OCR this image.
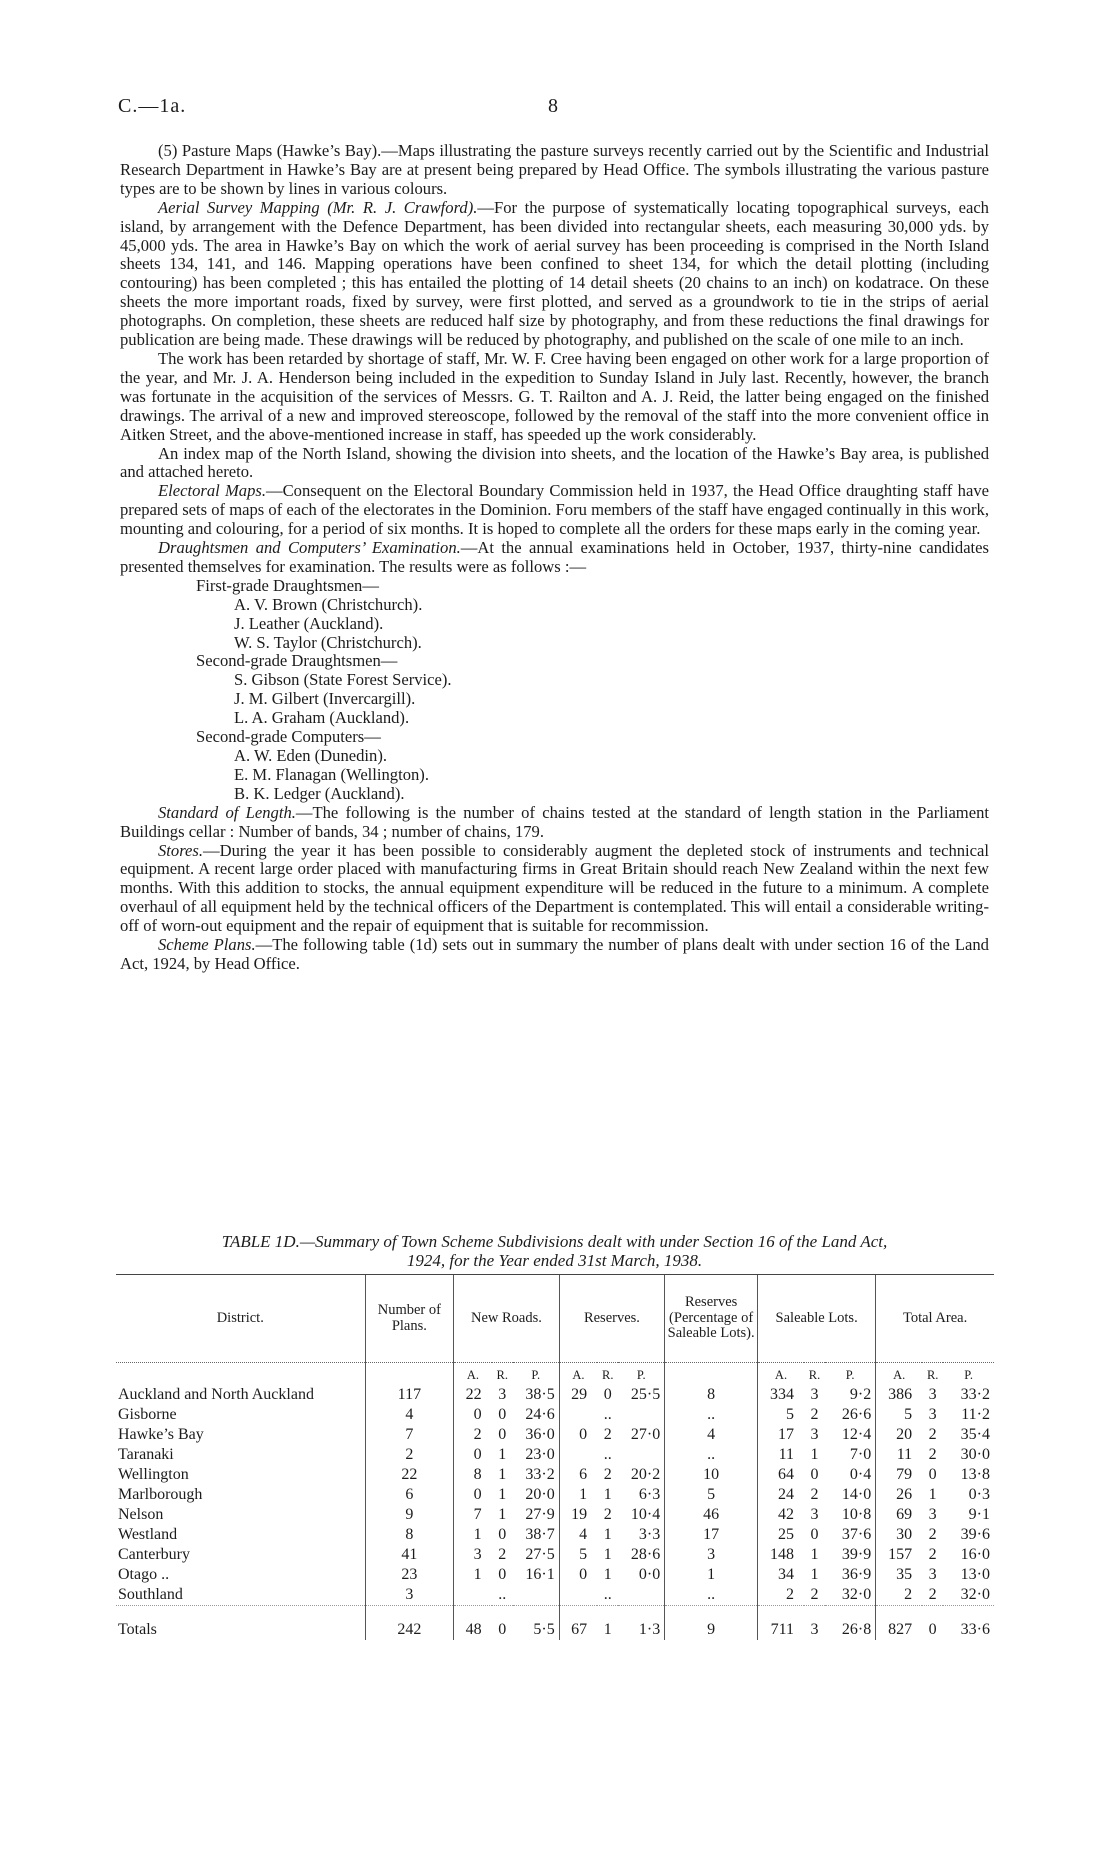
C.—1a.	8

(5) Pasture Maps (Hawke’s Bay).—Maps illustrating the pasture surveys recently carried out by the Scientific and Industrial Research Department in Hawke’s Bay are at present being prepared by Head Office. The symbols illustrating the various pasture types are to be shown by lines in various colours.

Aerial Survey Mapping (Mr. R. J. Crawford).—For the purpose of systematically locating topographical surveys, each island, by arrangement with the Defence Department, has been divided into rectangular sheets, each measuring 30,000 yds. by 45,000 yds. The area in Hawke’s Bay on which the work of aerial survey has been proceeding is comprised in the North Island sheets 134, 141, and 146. Mapping operations have been confined to sheet 134, for which the detail plotting (including contouring) has been completed ; this has entailed the plotting of 14 detail sheets (20 chains to an inch) on kodatrace. On these sheets the more important roads, fixed by survey, were first plotted, and served as a groundwork to tie in the strips of aerial photographs. On completion, these sheets are reduced half size by photography, and from these reductions the final drawings for publication are being made. These drawings will be reduced by photography, and published on the scale of one mile to an inch.

The work has been retarded by shortage of staff, Mr. W. F. Cree having been engaged on other work for a large proportion of the year, and Mr. J. A. Henderson being included in the expedition to Sunday Island in July last. Recently, however, the branch was fortunate in the acquisition of the services of Messrs. G. T. Railton and A. J. Reid, the latter being engaged on the finished drawings. The arrival of a new and improved stereoscope, followed by the removal of the staff into the more convenient office in Aitken Street, and the above-mentioned increase in staff, has speeded up the work considerably.

An index map of the North Island, showing the division into sheets, and the location of the Hawke’s Bay area, is published and attached hereto.

Electoral Maps.—Consequent on the Electoral Boundary Commission held in 1937, the Head Office draughting staff have prepared sets of maps of each of the electorates in the Dominion. Foru members of the staff have engaged continually in this work, mounting and colouring, for a period of six months. It is hoped to complete all the orders for these maps early in the coming year.

Draughtsmen and Computers’ Examination.—At the annual examinations held in October, 1937, thirty-nine candidates presented themselves for examination. The results were as follows :—

First-grade Draughtsmen—
A. V. Brown (Christchurch).
J. Leather (Auckland).
W. S. Taylor (Christchurch).
Second-grade Draughtsmen—
S. Gibson (State Forest Service).
J. M. Gilbert (Invercargill).
L. A. Graham (Auckland).
Second-grade Computers—
A. W. Eden (Dunedin).
E. M. Flanagan (Wellington).
B. K. Ledger (Auckland).

Standard of Length.—The following is the number of chains tested at the standard of length station in the Parliament Buildings cellar : Number of bands, 34 ; number of chains, 179.

Stores.—During the year it has been possible to considerably augment the depleted stock of instruments and technical equipment. A recent large order placed with manufacturing firms in Great Britain should reach New Zealand within the next few months. With this addition to stocks, the annual equipment expenditure will be reduced in the future to a minimum. A complete overhaul of all equipment held by the technical officers of the Department is contemplated. This will entail a considerable writing-off of worn-out equipment and the repair of equipment that is suitable for recommission.

Scheme Plans.—The following table (1d) sets out in summary the number of plans dealt with under section 16 of the Land Act, 1924, by Head Office.

TABLE 1D.—Summary of Town Scheme Subdivisions dealt with under Section 16 of the Land Act,
1924, for the Year ended 31st March, 1938.
District.	Number of Plans.	New Roads.			Reserves.			Reserves (Percentage of Saleable Lots).	Saleable Lots.			Total Area.		
		A.	R.	P.	A.	R.	P.		A.	R.	P.	A.	R.	P.
Auckland and North Auckland	117	22	3	38·5	29	0	25·5	8	334	3	9·2	386	3	33·2
Gisborne	4	0	0	24·6		..		..	5	2	26·6	5	3	11·2
Hawke’s Bay	7	2	0	36·0	0	2	27·0	4	17	3	12·4	20	2	35·4
Taranaki	2	0	1	23·0		..		..	11	1	7·0	11	2	30·0
Wellington	22	8	1	33·2	6	2	20·2	10	64	0	0·4	79	0	13·8
Marlborough	6	0	1	20·0	1	1	6·3	5	24	2	14·0	26	1	0·3
Nelson	9	7	1	27·9	19	2	10·4	46	42	3	10·8	69	3	9·1
Westland	8	1	0	38·7	4	1	3·3	17	25	0	37·6	30	2	39·6
Canterbury	41	3	2	27·5	5	1	28·6	3	148	1	39·9	157	2	16·0
Otago ..	23	1	0	16·1	0	1	0·0	1	34	1	36·9	35	3	13·0
Southland	3		..			..		..	2	2	32·0	2	2	32·0
Totals	242	48	0	5·5	67	1	1·3	9	711	3	26·8	827	0	33·6
